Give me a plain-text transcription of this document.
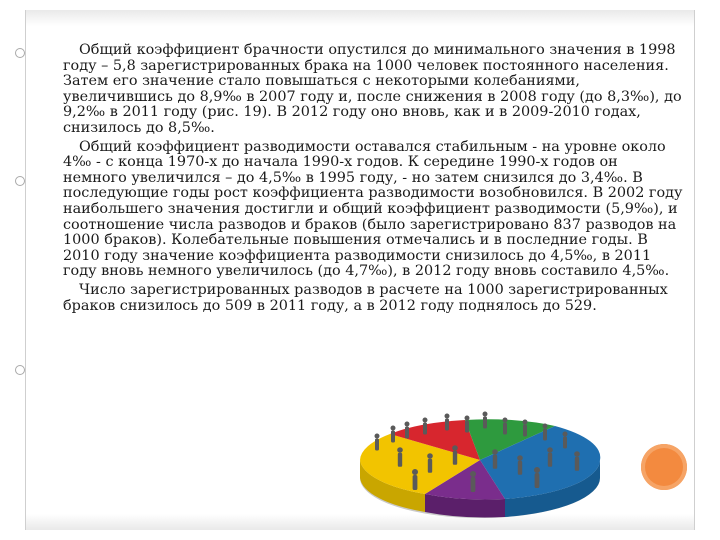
Общий коэффициент брачности опустился до минимального значения в 1998 году – 5,8 зарегистрированных брака на 1000 человек постоянного населения. Затем его значение стало повышаться с некоторыми колебаниями, увеличившись до 8,9‰ в 2007 году и, после снижения в 2008 году (до 8,3‰), до 9,2‰ в 2011 году (рис. 19). В 2012 году оно вновь, как и в 2009-2010 годах, снизилось до 8,5‰.

Общий коэффициент разводимости оставался стабильным - на уровне около 4‰ - с конца 1970-х до начала 1990-х годов. К середине 1990-х годов он немного увеличился – до 4,5‰ в 1995 году, - но затем снизился до 3,4‰. В последующие годы рост коэффициента разводимости возобновился. В 2002 году наибольшего значения достигли и общий коэффициент разводимости (5,9‰), и соотношение числа разводов и браков (было зарегистрировано 837 разводов на 1000 браков). Колебательные повышения отмечались и в последние годы. В 2010 году значение коэффициента разводимости снизилось до 4,5‰, в 2011 году вновь немного увеличилось (до 4,7‰), в 2012 году вновь составило 4,5‰.

Число зарегистрированных разводов в расчете на 1000 зарегистрированных браков снизилось до 509 в 2011 году, а в 2012 году поднялось до 529.
